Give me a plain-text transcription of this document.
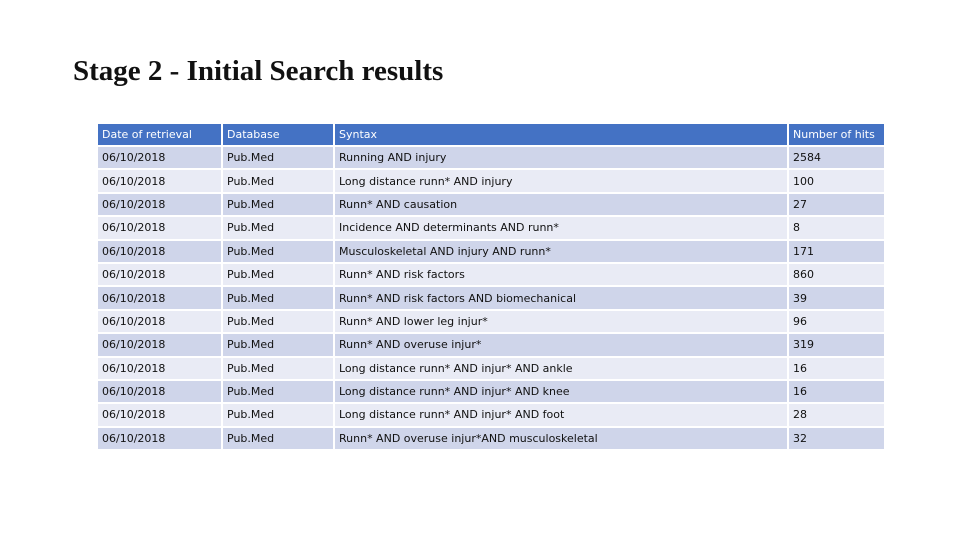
Stage 2 - Initial Search results
Date of retrieval	Database	Syntax	Number of hits
06/10/2018	Pub.Med	Running AND injury	2584
06/10/2018	Pub.Med	Long distance runn* AND injury	100
06/10/2018	Pub.Med	Runn* AND causation	27
06/10/2018	Pub.Med	Incidence AND determinants AND runn*	8
06/10/2018	Pub.Med	Musculoskeletal AND injury AND runn*	171
06/10/2018	Pub.Med	Runn* AND risk factors	860
06/10/2018	Pub.Med	Runn* AND risk factors AND biomechanical	39
06/10/2018	Pub.Med	Runn* AND lower leg injur*	96
06/10/2018	Pub.Med	Runn* AND overuse injur*	319
06/10/2018	Pub.Med	Long distance runn* AND injur* AND ankle	16
06/10/2018	Pub.Med	Long distance runn* AND injur* AND knee	16
06/10/2018	Pub.Med	Long distance runn* AND injur* AND foot	28
06/10/2018	Pub.Med	Runn* AND overuse injur*AND musculoskeletal	32
